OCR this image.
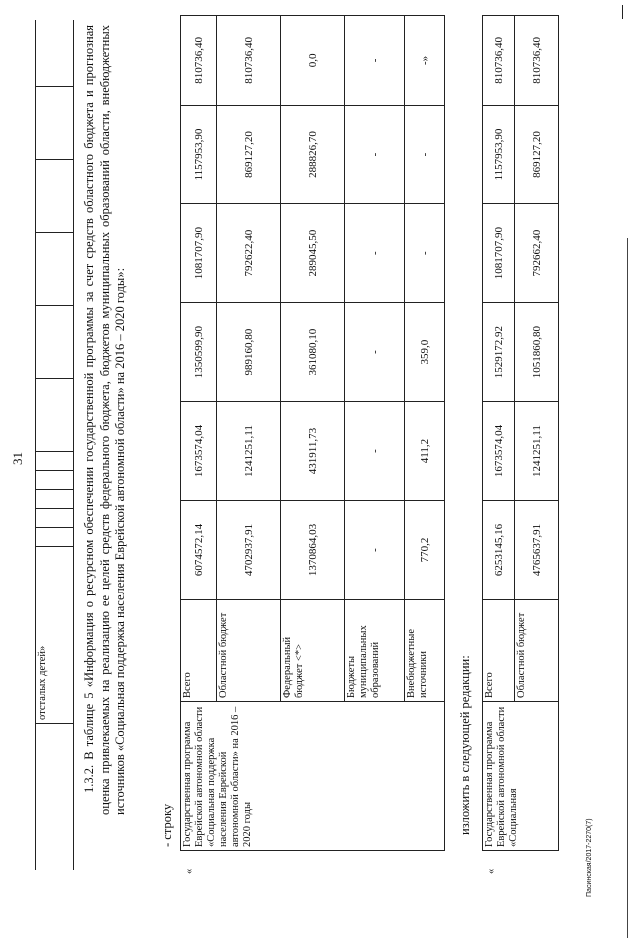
31
	отсталых детей»												1.3.2. В таблице 5 «Информация о ресурсном обеспечении государственной программы за счет средств областного бюджета и прогнозная оценка привлекаемых на реализацию ее целей средств федерального бюджета, бюджетов муниципальных образований области, внебюджетных источников «Социальная поддержка населения Еврейской автономной области» на 2016 – 2020 годы»:
- строку
«	Государственная программа Еврейской автономной области «Социальная поддержка населения Еврейской автономной области» на 2016 – 2020 годы	Всего	6074572,14	1673574,04	1350599,90	1081707,90	1157953,90	810736,40
		Областной бюджет	4702937,91	1241251,11	989160,80	792622,40	869127,20	810736,40
		Федеральный бюджет <*>	1370864,03	431911,73	361080,10	289045,50	288826,70	0,0
		Бюджеты муниципальных образований	-	-	-	-	-	-
		Внебюджетные источники	770,2	411,2	359,0	-	-	-»
изложить в следующей редакции:
«	Государственная программа Еврейской автономной области «Социальная	Всего	6253145,16	1673574,04	1529172,92	1081707,90	1157953,90	810736,40
		Областной бюджет	4765637,91	1241251,11	1051860,80	792662,40	869127,20	810736,40
Пасинская/2017-2270(7)
